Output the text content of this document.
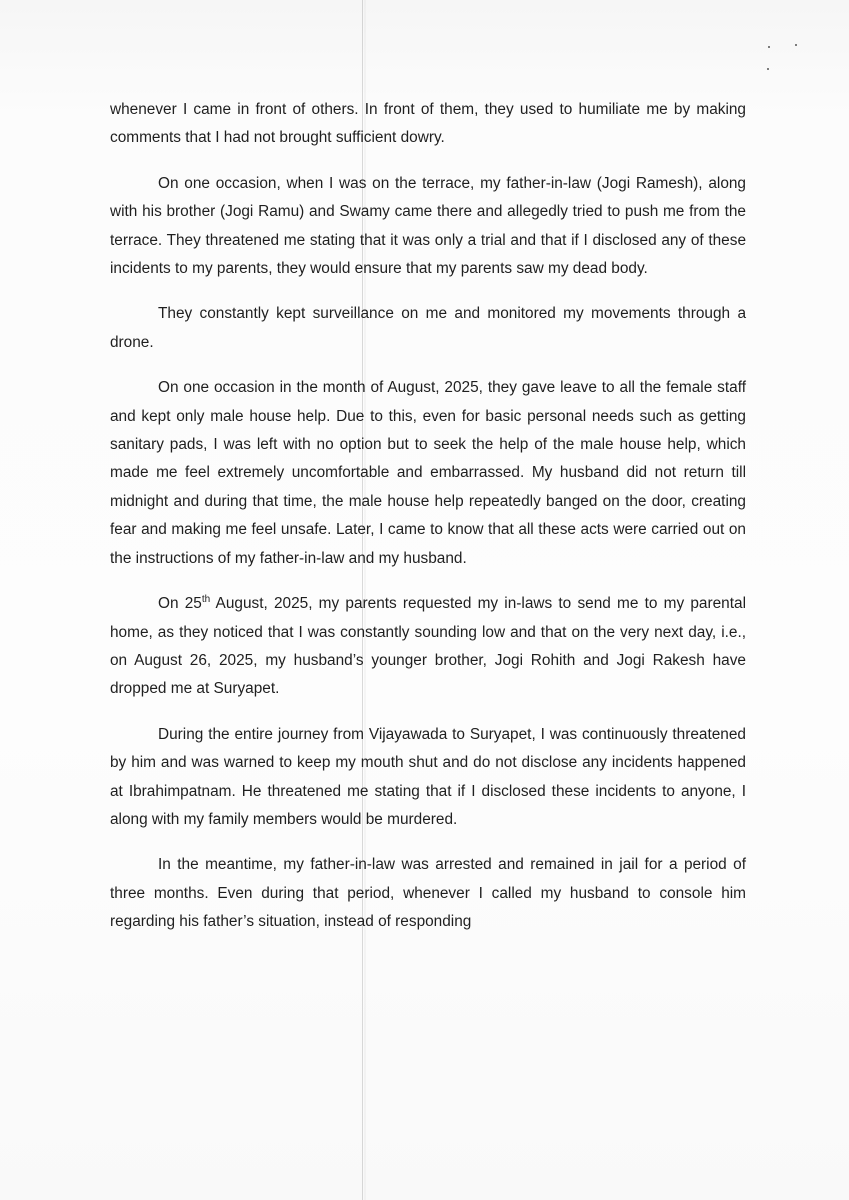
whenever I came in front of others. In front of them, they used to humiliate me by making comments that I had not brought sufficient dowry.

On one occasion, when I was on the terrace, my father-in-law (Jogi Ramesh), along with his brother (Jogi Ramu) and Swamy came there and allegedly tried to push me from the terrace. They threatened me stating that it was only a trial and that if I disclosed any of these incidents to my parents, they would ensure that my parents saw my dead body.

They constantly kept surveillance on me and monitored my movements through a drone.

On one occasion in the month of August, 2025, they gave leave to all the female staff and kept only male house help. Due to this, even for basic personal needs such as getting sanitary pads, I was left with no option but to seek the help of the male house help, which made me feel extremely uncomfortable and embarrassed. My husband did not return till midnight and during that time, the male house help repeatedly banged on the door, creating fear and making me feel unsafe. Later, I came to know that all these acts were carried out on the instructions of my father-in-law and my husband.

On 25th August, 2025, my parents requested my in-laws to send me to my parental home, as they noticed that I was constantly sounding low and that on the very next day, i.e., on August 26, 2025, my husband’s younger brother, Jogi Rohith and Jogi Rakesh have dropped me at Suryapet.

During the entire journey from Vijayawada to Suryapet, I was continuously threatened by him and was warned to keep my mouth shut and do not disclose any incidents happened at Ibrahimpatnam. He threatened me stating that if I disclosed these incidents to anyone, I along with my family members would be murdered.

In the meantime, my father-in-law was arrested and remained in jail for a period of three months. Even during that period, whenever I called my husband to console him regarding his father’s situation, instead of responding
